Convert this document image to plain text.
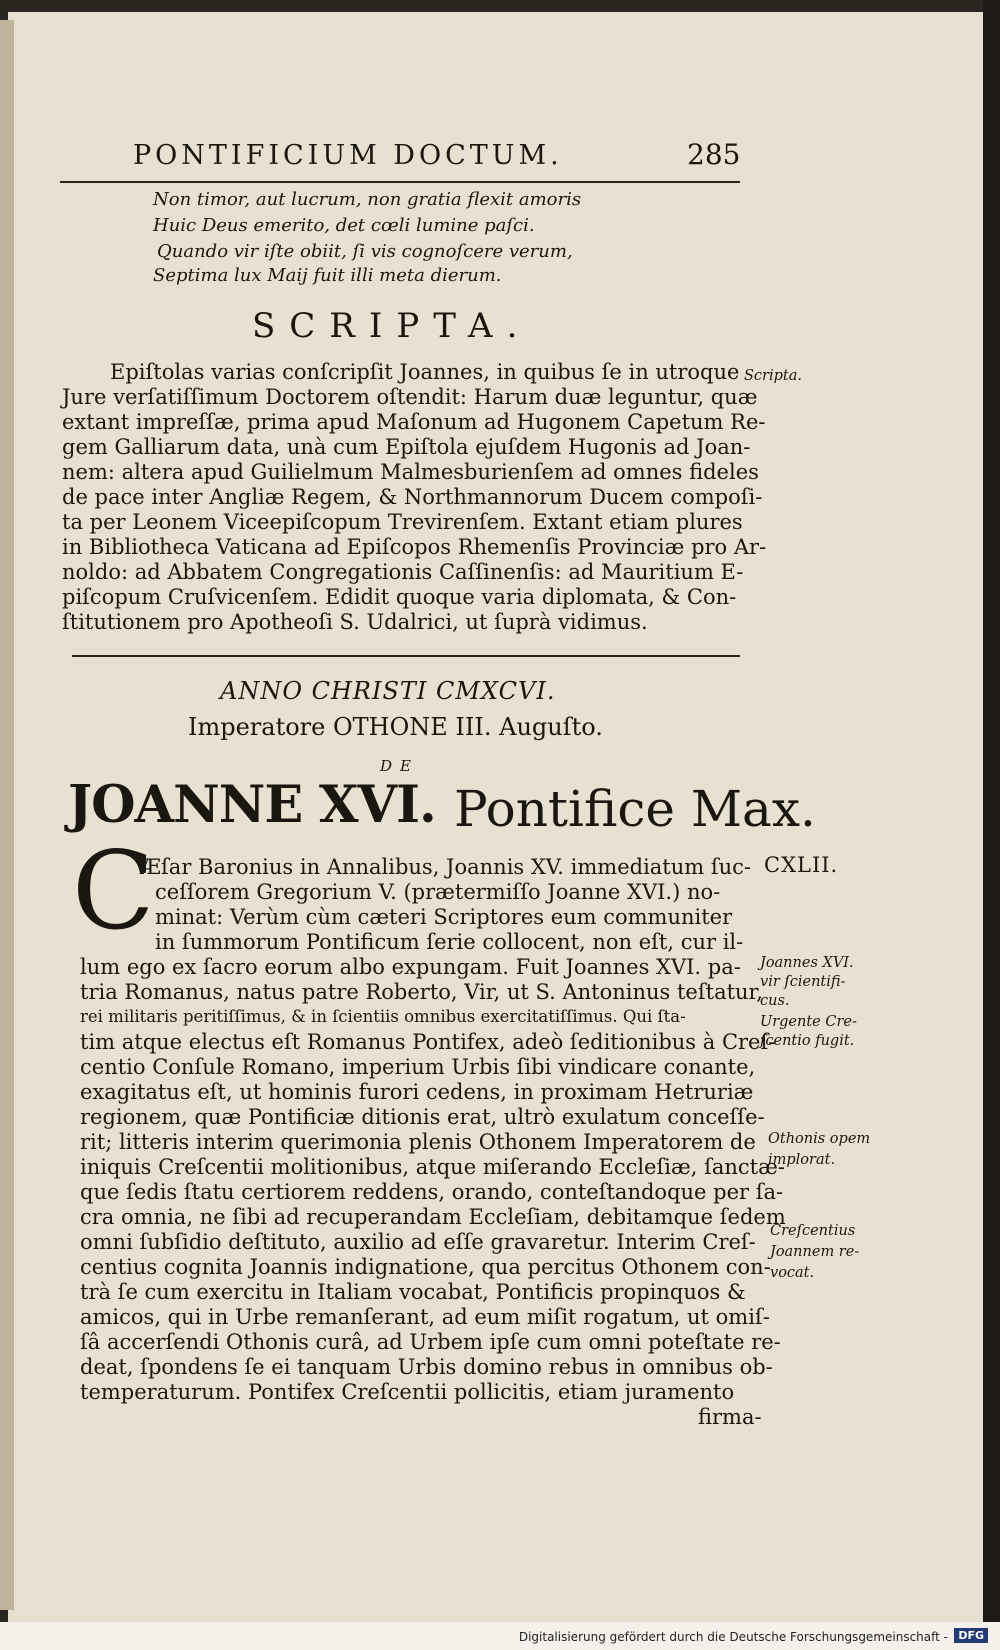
PONTIFICIUM DOCTUM.	285
Non timor, aut lucrum, non gratia flexit amoris
Huic Deus emerito, det cœli lumine paſci.
Quando vir iſte obiit, ſi vis cognoſcere verum,
Septima lux Maij fuit illi meta dierum.
SCRIPTA.
Epiſtolas varias conſcripſit Joannes, in quibus ſe in utroque
Jure verſatiſſimum Doctorem oſtendit: Harum duæ leguntur, quæ
extant impreſſæ, prima apud Maſonum ad Hugonem Capetum Re-
gem Galliarum data, unà cum Epiſtola ejuſdem Hugonis ad Joan-
nem: altera apud Guilielmum Malmesburienſem ad omnes fideles
de pace inter Angliæ Regem, & Northmannorum Ducem compoſi-
ta per Leonem Viceepiſcopum Trevirenſem. Extant etiam plures
in Bibliotheca Vaticana ad Epiſcopos Rhemenſis Provinciæ pro Ar-
noldo: ad Abbatem Congregationis Caſſinenſis: ad Mauritium E-
piſcopum Cruſvicenſem. Edidit quoque varia diplomata, & Con-
ſtitutionem pro Apotheoſi S. Udalrici, ut ſuprà vidimus.
Scripta.
ANNO CHRISTI CMXCVI.
Imperatore OTHONE III. Auguſto.
DE
JOANNE XVI. Pontifice Max.
C
Æſar Baronius in Annalibus, Joannis XV. immediatum ſuc-
ceſſorem Gregorium V. (prætermiſſo Joanne XVI.) no-
minat: Verùm cùm cæteri Scriptores eum communiter
in ſummorum Pontificum ſerie collocent, non eſt, cur il-
lum ego ex ſacro eorum albo expungam. Fuit Joannes XVI. pa-
tria Romanus, natus patre Roberto, Vir, ut S. Antoninus teſtatur,
rei militaris peritiſſimus, & in ſcientiis omnibus exercitatiſſimus. Qui ſta-
tim atque electus eſt Romanus Pontifex, adeò ſeditionibus à Creſ-
centio Conſule Romano, imperium Urbis ſibi vindicare conante,
exagitatus eſt, ut hominis furori cedens, in proximam Hetruriæ
regionem, quæ Pontificiæ ditionis erat, ultrò exulatum conceſſe-
rit; litteris interim querimonia plenis Othonem Imperatorem de
iniquis Creſcentii molitionibus, atque miſerando Eccleſiæ, ſanctæ-
que ſedis ſtatu certiorem reddens, orando, conteſtandoque per ſa-
cra omnia, ne ſibi ad recuperandam Eccleſiam, debitamque ſedem
omni ſubſidio deſtituto, auxilio ad eſſe gravaretur. Interim Creſ-
centius cognita Joannis indignatione, qua percitus Othonem con-
trà ſe cum exercitu in Italiam vocabat, Pontificis propinquos &
amicos, qui in Urbe remanſerant, ad eum miſit rogatum, ut omiſ-
ſâ accerſendi Othonis curâ, ad Urbem ipſe cum omni poteſtate re-
deat, ſpondens ſe ei tanquam Urbis domino rebus in omnibus ob-
temperaturum. Pontifex Creſcentii pollicitis, etiam juramento
firma-
CXLII.
Joannes XVI.
vir ſcientifi-
cus.
Urgente Cre-
ſcentio fugit.
Othonis opem
implorat.
Creſcentius
Joannem re-
vocat.
Digitalisierung gefördert durch die Deutsche Forschungsgemeinschaft - DFG
